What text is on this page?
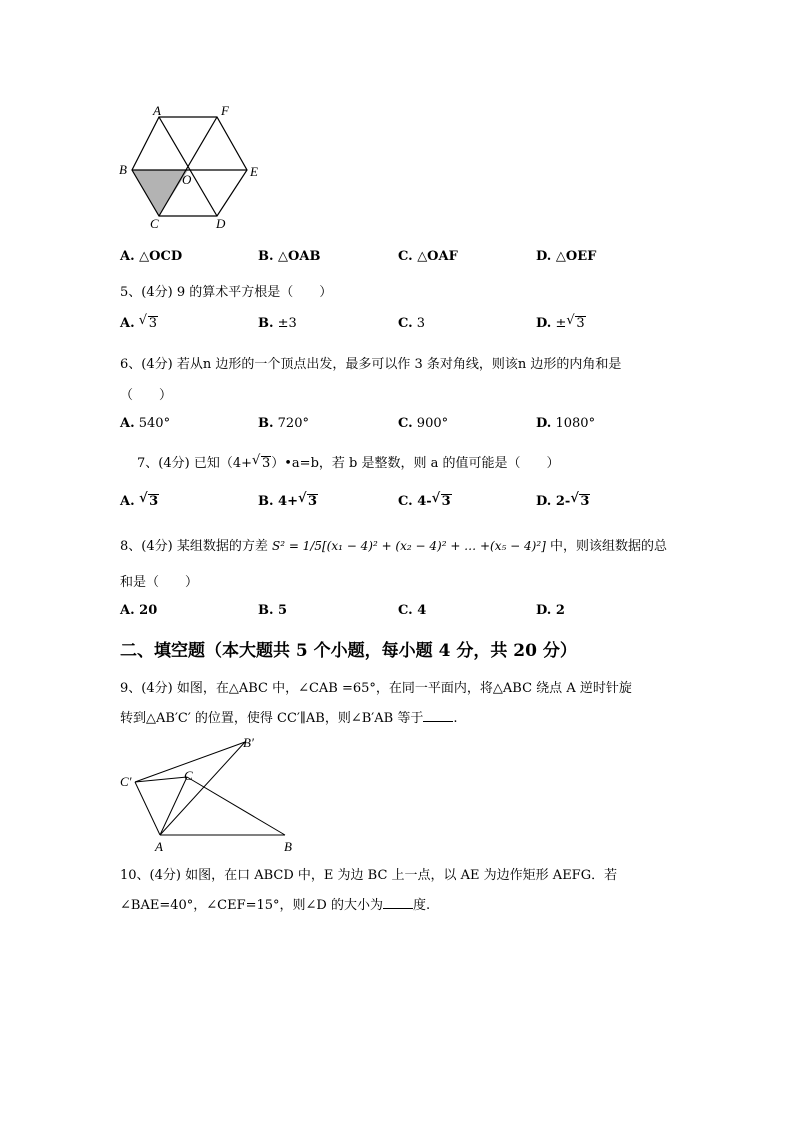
A	F
B
O
E
C	D
A. △OCD	B. △OAB	C. △OAF	D. △OEF
5、(4分) 9 的算术平方根是（　　）
A. √ 3	B. ±3	C. 3	D. ± √ 3
6、(4分) 若从n 边形的一个顶点出发，最多可以作 3 条对角线，则该n 边形的内角和是
（　　）
A. 540°	B. 720°	C. 900°	D. 1080°
7、(4分) 已知（4+ √ 3）•a=b，若 b 是整数，则 a 的值可能是（　　）
A. √ 3	B. 4+ √ 3	C. 4- √ 3	D. 2- √ 3
8、(4分) 某组数据的方差 S² = 1/5[(x₁ − 4)² + (x₂ − 4)² + … +(x₅ − 4)²] 中，则该组数据的总
和是（　　）
A. 20	B. 5	C. 4	D. 2
二、填空题（本大题共 5 个小题，每小题 4 分，共 20 分）
9、(4分) 如图，在△ABC 中，∠CAB =65°，在同一平面内，将△ABC 绕点 A 逆时针旋
转到△AB′C′ 的位置，使得 CC′∥AB，则∠B′AB 等于 .
B′
C′	C
A	B
10、(4分) 如图，在口 ABCD 中，E 为边 BC 上一点，以 AE 为边作矩形 AEFG．若
∠BAE=40°，∠CEF=15°，则∠D 的大小为 度.
